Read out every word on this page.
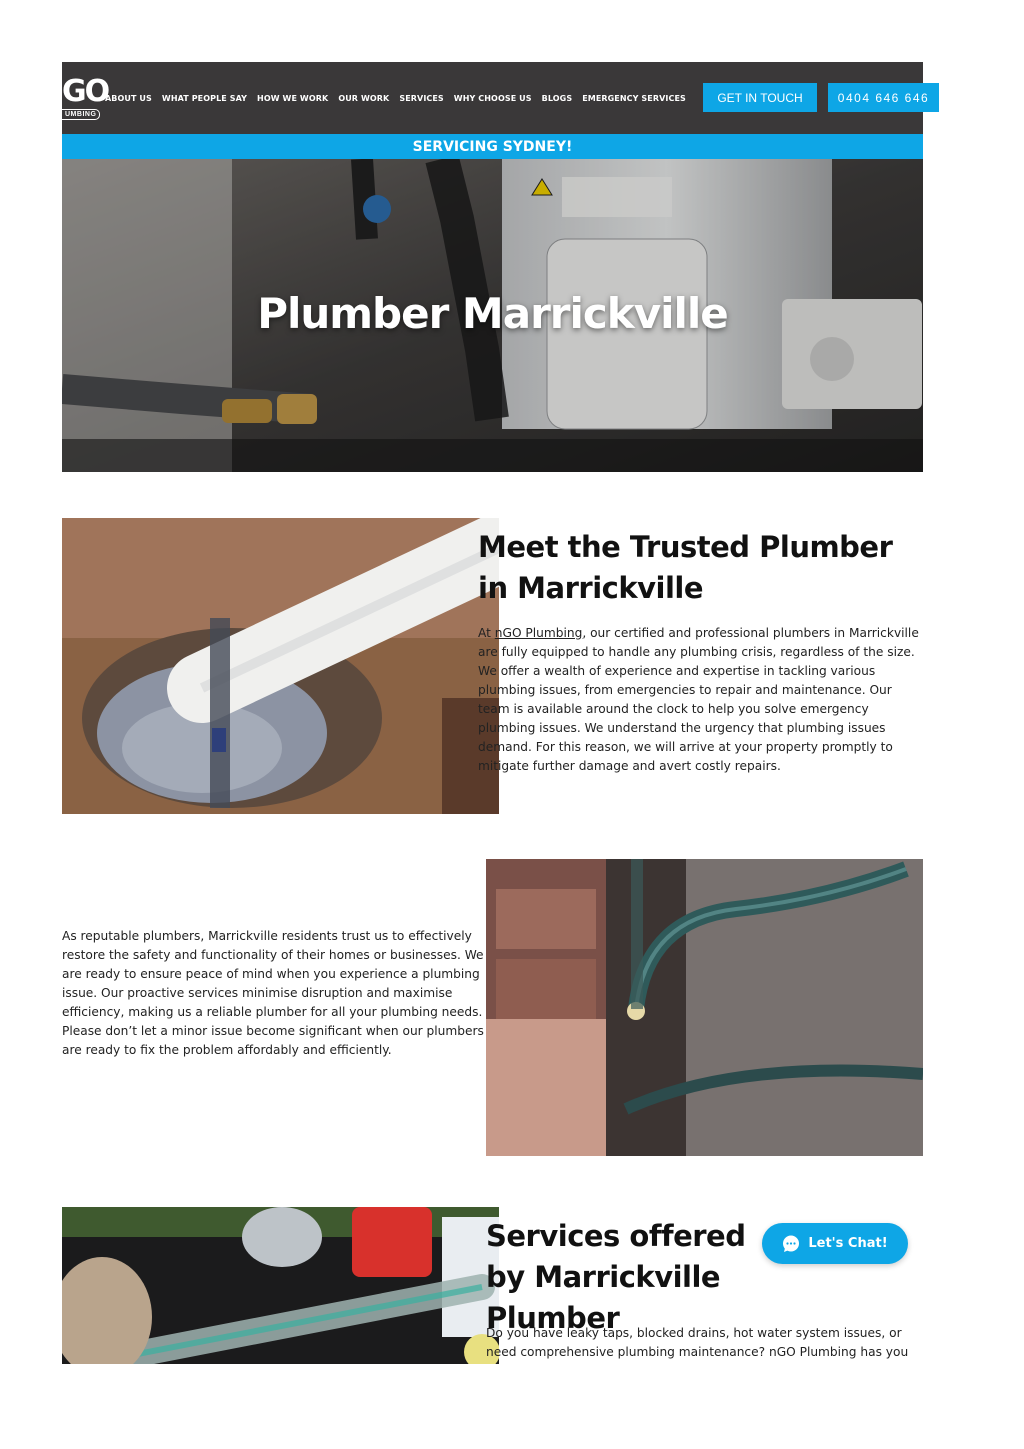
GO
UMBING
ABOUT US WHAT PEOPLE SAY HOW WE WORK OUR WORK SERVICES WHY CHOOSE US BLOGS EMERGENCY SERVICES	GET IN TOUCH	0404 646 646
SERVICING SYDNEY!
Plumber Marrickville
Meet the Trusted Plumber in Marrickville
At nGO Plumbing, our certified and professional plumbers in Marrickville are fully equipped to handle any plumbing crisis, regardless of the size. We offer a wealth of experience and expertise in tackling various plumbing issues, from emergencies to repair and maintenance. Our team is available around the clock to help you solve emergency plumbing issues. We understand the urgency that plumbing issues demand. For this reason, we will arrive at your property promptly to mitigate further damage and avert costly repairs.
As reputable plumbers, Marrickville residents trust us to effectively restore the safety and functionality of their homes or businesses. We are ready to ensure peace of mind when you experience a plumbing issue. Our proactive services minimise disruption and maximise efficiency, making us a reliable plumber for all your plumbing needs. Please don’t let a minor issue become significant when our plumbers are ready to fix the problem affordably and efficiently.
Services offered by Marrickville Plumber
Do you have leaky taps, blocked drains, hot water system issues, or need comprehensive plumbing maintenance? nGO Plumbing has you
Let's Chat!
